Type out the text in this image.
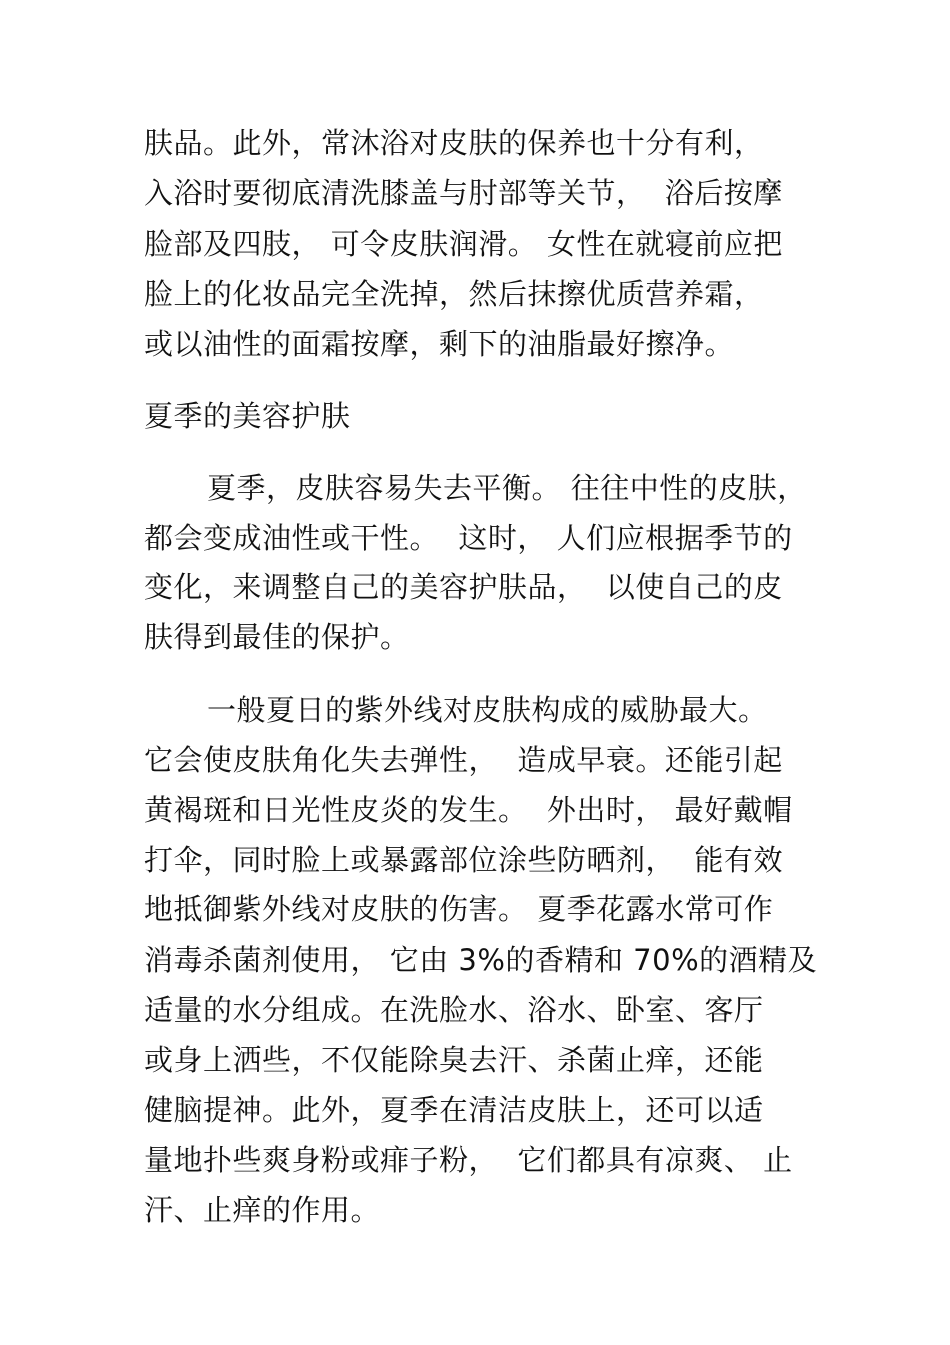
肤品。此外，常沐浴对皮肤的保养也十分有利，
入浴时要彻底清洗膝盖与肘部等关节，  浴后按摩
脸部及四肢， 可令皮肤润滑。 女性在就寝前应把
脸上的化妆品完全洗掉，然后抹擦优质营养霜，
或以油性的面霜按摩，剩下的油脂最好擦净。
夏季的美容护肤
夏季，皮肤容易失去平衡。 往往中性的皮肤，
都会变成油性或干性。  这时， 人们应根据季节的
变化，来调整自己的美容护肤品，  以使自己的皮
肤得到最佳的保护。
一般夏日的紫外线对皮肤构成的威胁最大。
它会使皮肤角化失去弹性，  造成早衰。还能引起
黄褐斑和日光性皮炎的发生。  外出时， 最好戴帽
打伞，同时脸上或暴露部位涂些防晒剂，  能有效
地抵御紫外线对皮肤的伤害。 夏季花露水常可作
消毒杀菌剂使用， 它由 3%的香精和 70%的酒精及
适量的水分组成。在洗脸水、浴水、卧室、客厅
或身上洒些，不仅能除臭去汗、杀菌止痒，还能
健脑提神。此外，夏季在清洁皮肤上，还可以适
量地扑些爽身粉或痱子粉，  它们都具有凉爽、 止
汗、止痒的作用。
